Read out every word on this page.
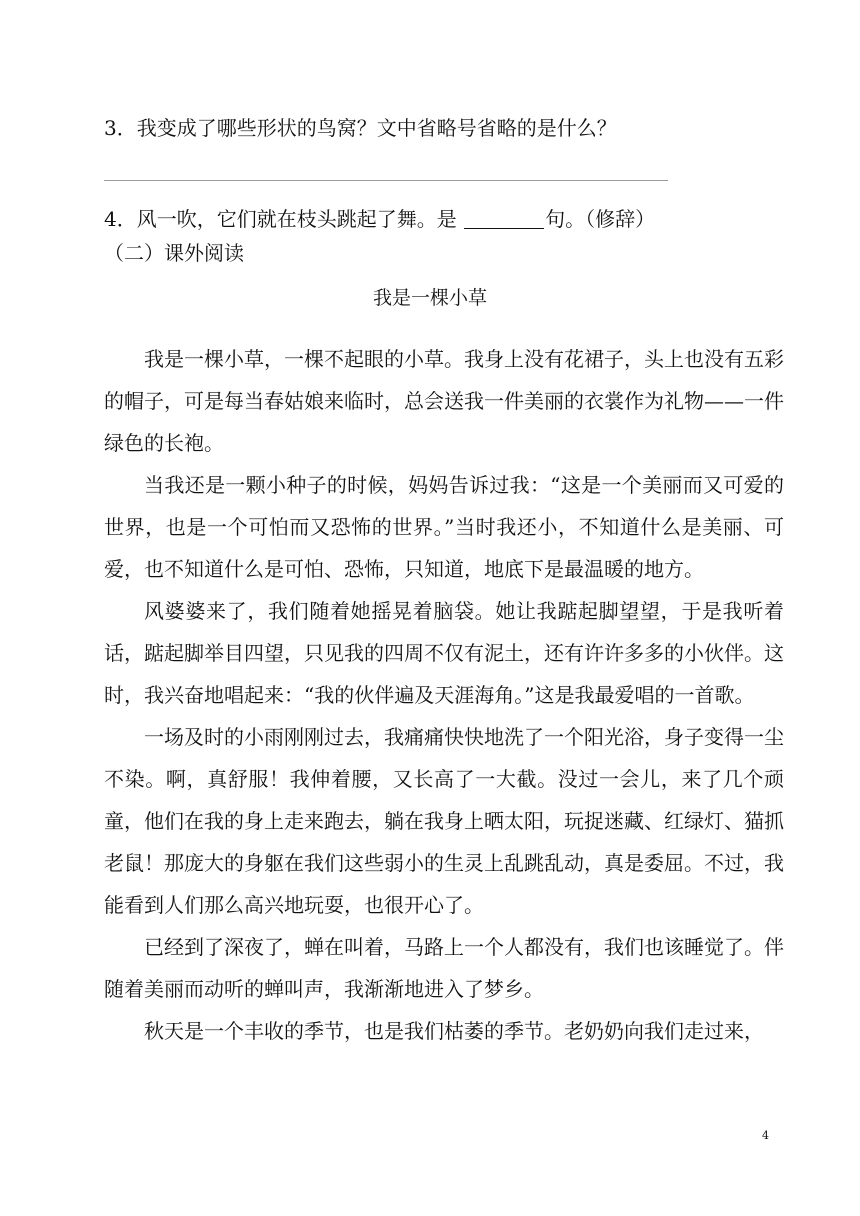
3．我变成了哪些形状的鸟窝？文中省略号省略的是什么？
4．风一吹，它们就在枝头跳起了舞。是	句。（修辞）
（二）课外阅读
我是一棵小草

我是一棵小草，一棵不起眼的小草。我身上没有花裙子，头上也没有五彩的帽子，可是每当春姑娘来临时，总会送我一件美丽的衣裳作为礼物——一件绿色的长袍。

当我还是一颗小种子的时候，妈妈告诉过我：“这是一个美丽而又可爱的世界，也是一个可怕而又恐怖的世界。”当时我还小，不知道什么是美丽、可爱，也不知道什么是可怕、恐怖，只知道，地底下是最温暖的地方。

风婆婆来了，我们随着她摇晃着脑袋。她让我踮起脚望望，于是我听着话，踮起脚举目四望，只见我的四周不仅有泥土，还有许许多多的小伙伴。这时，我兴奋地唱起来：“我的伙伴遍及天涯海角。”这是我最爱唱的一首歌。

一场及时的小雨刚刚过去，我痛痛快快地洗了一个阳光浴，身子变得一尘不染。啊，真舒服！我伸着腰，又长高了一大截。没过一会儿，来了几个顽童，他们在我的身上走来跑去，躺在我身上晒太阳，玩捉迷藏、红绿灯、猫抓老鼠！那庞大的身躯在我们这些弱小的生灵上乱跳乱动，真是委屈。不过，我能看到人们那么高兴地玩耍，也很开心了。

已经到了深夜了，蝉在叫着，马路上一个人都没有，我们也该睡觉了。伴随着美丽而动听的蝉叫声，我渐渐地进入了梦乡。

秋天是一个丰收的季节，也是我们枯萎的季节。老奶奶向我们走过来，

4
